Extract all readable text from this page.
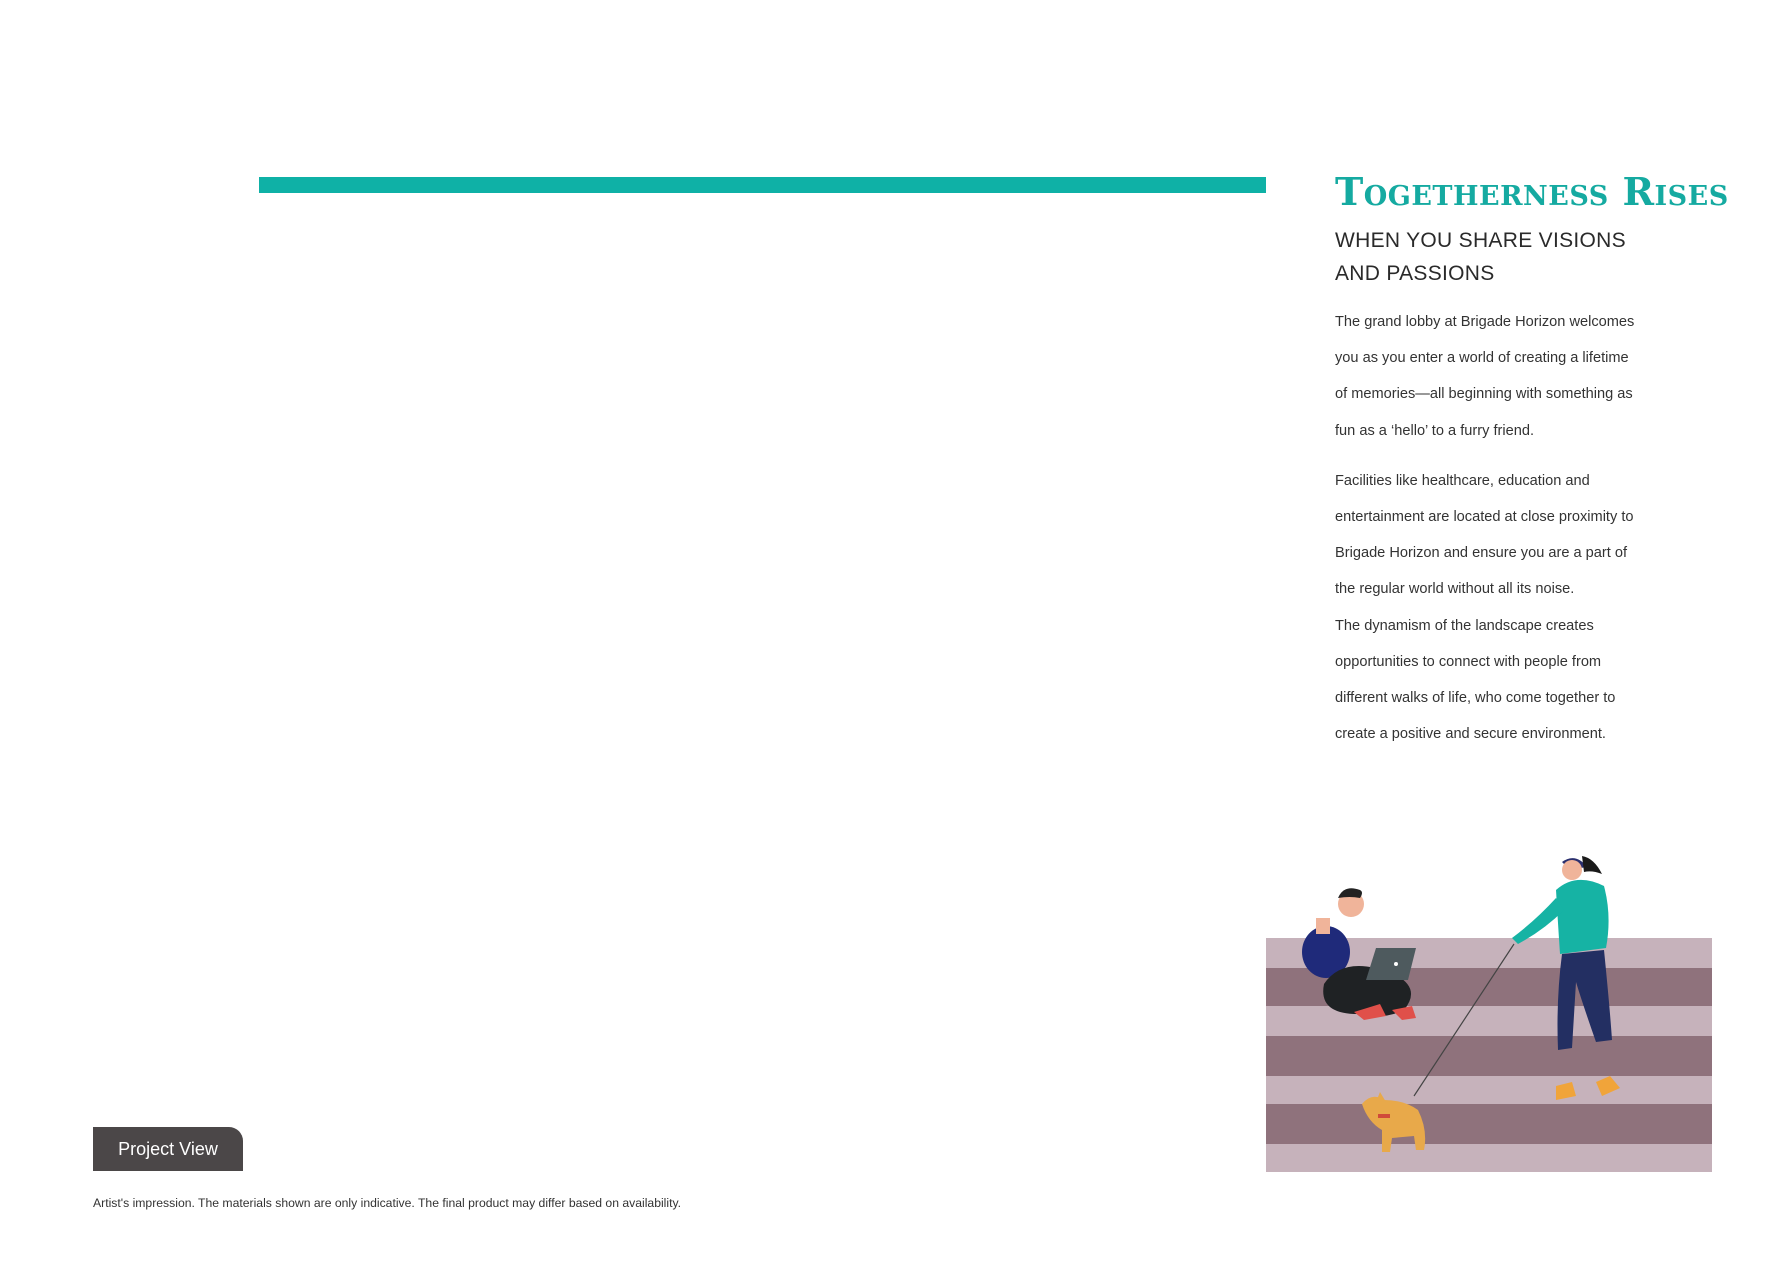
Togetherness Rises
WHEN YOU SHARE VISIONS
AND PASSIONS

The grand lobby at Brigade Horizon welcomes
you as you enter a world of creating a lifetime
of memories—all beginning with something as
fun as a ‘hello’ to a furry friend.

Facilities like healthcare, education and
entertainment are located at close proximity to
Brigade Horizon and ensure you are a part of
the regular world without all its noise.
The dynamism of the landscape creates
opportunities to connect with people from
different walks of life, who come together to
create a positive and secure environment.

Project View
Artist's impression. The materials shown are only indicative. The final product may differ based on availability.
